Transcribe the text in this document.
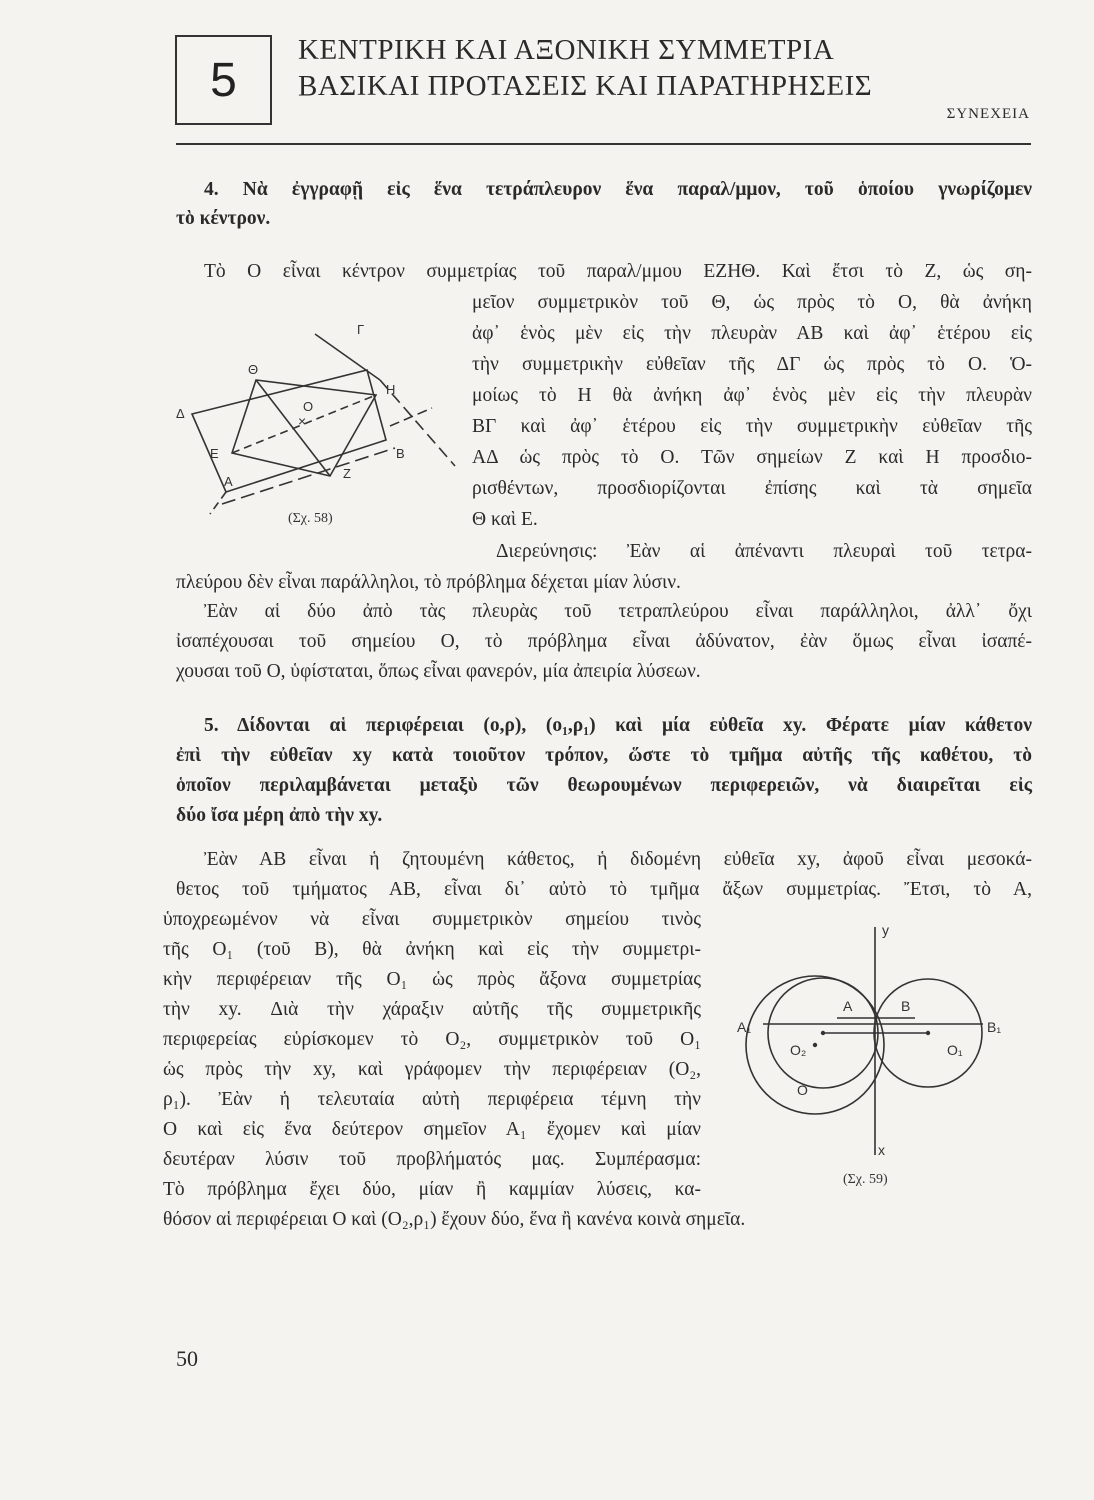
5
ΚΕΝΤΡΙΚΗ ΚΑΙ ΑΞΟΝΙΚΗ ΣΥΜΜΕΤΡΙΑ
ΒΑΣΙΚΑΙ ΠΡΟΤΑΣΕΙΣ ΚΑΙ ΠΑΡΑΤΗΡΗΣΕΙΣ
ΣΥΝΕΧΕΙΑ
4. Νὰ ἐγγραφῇ εἰς ἕνα τετράπλευρον ἕνα παραλ/μμον, τοῦ ὁποίου γνωρίζομεν
τὸ κέντρον.
Τὸ Ο εἶναι κέντρον συμμετρίας τοῦ παραλ/μμου ΕΖΗΘ. Καὶ ἔτσι τὸ Ζ, ὡς ση-
μεῖον συμμετρικὸν τοῦ Θ, ὡς πρὸς τὸ Ο, θὰ ἀνήκη
ἀφ᾽ ἑνὸς μὲν εἰς τὴν πλευρὰν ΑΒ καὶ ἀφ᾽ ἑτέρου εἰς
τὴν συμμετρικὴν εὐθεῖαν τῆς ΔΓ ὡς πρὸς τὸ Ο. Ὁ-
μοίως τὸ Η θὰ ἀνήκη ἀφ᾽ ἑνὸς μὲν εἰς τὴν πλευρὰν
ΒΓ καὶ ἀφ᾽ ἑτέρου εἰς τὴν συμμετρικὴν εὐθεῖαν τῆς
ΑΔ ὡς πρὸς τὸ Ο. Τῶν σημείων Ζ καὶ Η προσδιο-
ρισθέντων, προσδιορίζονται ἐπίσης καὶ τὰ σημεῖα
Θ καὶ Ε.
Διερεύνησις: Ἐὰν αἱ ἀπέναντι πλευραὶ τοῦ τετρα-
πλεύρου δὲν εἶναι παράλληλοι, τὸ πρόβλημα δέχεται μίαν λύσιν.
Ἐὰν αἱ δύο ἀπὸ τὰς πλευρὰς τοῦ τετραπλεύρου εἶναι παράλληλοι, ἀλλ᾽ ὄχι
ἰσαπέχουσαι τοῦ σημείου Ο, τὸ πρόβλημα εἶναι ἀδύνατον, ἐὰν ὅμως εἶναι ἰσαπέ-
χουσαι τοῦ Ο, ὑφίσταται, ὅπως εἶναι φανερόν, μία ἀπειρία λύσεων.
Γ
Θ
Η
Δ	Ο
×
Ε	Β
Α
Ζ
(Σχ. 58)
5. Δίδονται αἱ περιφέρειαι (ο,ρ), (ο₁,ρ₁) καὶ μία εὐθεῖα xy. Φέρατε μίαν κάθετον
ἐπὶ τὴν εὐθεῖαν xy κατὰ τοιοῦτον τρόπον, ὥστε τὸ τμῆμα αὐτῆς τῆς καθέτου, τὸ
ὁποῖον περιλαμβάνεται μεταξὺ τῶν θεωρουμένων περιφερειῶν, νὰ διαιρεῖται εἰς
δύο ἴσα μέρη ἀπὸ τὴν xy.
Ἐὰν ΑΒ εἶναι ἡ ζητουμένη κάθετος, ἡ διδομένη εὐθεῖα xy, ἀφοῦ εἶναι μεσοκά-
θετος τοῦ τμήματος ΑΒ, εἶναι δι᾽ αὐτὸ τὸ τμῆμα ἄξων συμμετρίας. Ἔτσι, τὸ Α,
ὑποχρεωμένον νὰ εἶναι συμμετρικὸν σημείου τινὸς
τῆς Ο₁ (τοῦ Β), θὰ ἀνήκη καὶ εἰς τὴν συμμετρι-
κὴν περιφέρειαν τῆς Ο₁ ὡς πρὸς ἄξονα συμμετρίας
τὴν xy. Διὰ τὴν χάραξιν αὐτῆς τῆς συμμετρικῆς
περιφερείας εὑρίσκομεν τὸ Ο₂, συμμετρικὸν τοῦ Ο₁
ὡς πρὸς τὴν xy, καὶ γράφομεν τὴν περιφέρειαν (Ο₂,
ρ₁). Ἐὰν ἡ τελευταία αὐτὴ περιφέρεια τέμνη τὴν
Ο καὶ εἰς ἕνα δεύτερον σημεῖον Α₁ ἔχομεν καὶ μίαν
δευτέραν λύσιν τοῦ προβλήματός μας. Συμπέρασμα:
Τὸ πρόβλημα ἔχει δύο, μίαν ἢ καμμίαν λύσεις, κα-
θόσον αἱ περιφέρειαι Ο καὶ (Ο₂,ρ₁) ἔχουν δύο, ἕνα ἢ κανένα κοινὰ σημεῖα.
y
x
A₁
A	B
B₁
O₂	O₁
O
(Σχ. 59)
50
